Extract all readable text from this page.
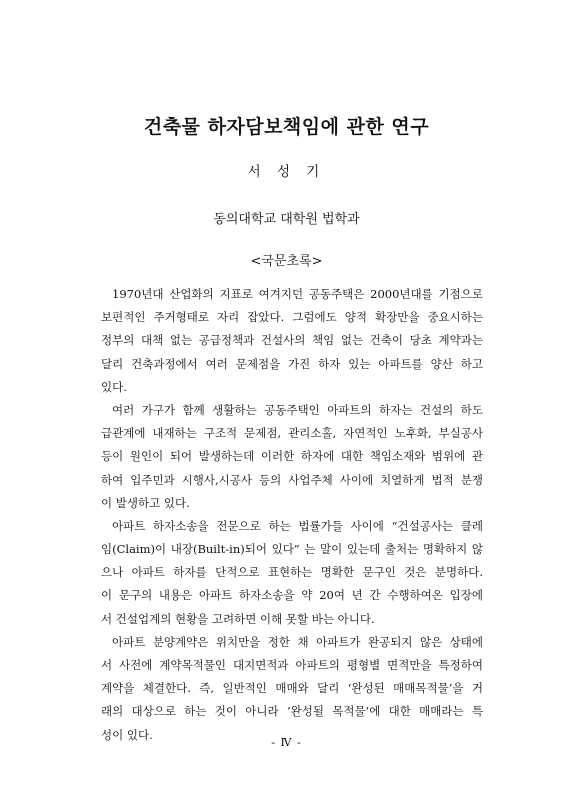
건축물 하자담보책임에 관한 연구
서 성 기
동의대학교 대학원 법학과
<국문초록>
1970년대 산업화의 지표로 여겨지던 공동주택은 2000년대를 기점으로
보편적인 주거형태로 자리 잡았다. 그럼에도 양적 확장만을 중요시하는
정부의 대책 없는 공급정책과 건설사의 책임 없는 건축이 당초 계약과는
달리 건축과정에서 여러 문제점을 가진 하자 있는 아파트를 양산 하고
있다.
여러 가구가 함께 생활하는 공동주택인 아파트의 하자는 건설의 하도
급관계에 내재하는 구조적 문제점, 관리소홀, 자연적인 노후화, 부실공사
등이 원인이 되어 발생하는데 이러한 하자에 대한 책임소재와 범위에 관
하여 입주민과 시행사,시공사 등의 사업주체 사이에 치열하게 법적 분쟁
이 발생하고 있다.
아파트 하자소송을 전문으로 하는 법률가들 사이에 “건설공사는 클레
임(Claim)이 내장(Built-in)되어 있다” 는 말이 있는데 출처는 명확하지 않
으나 아파트 하자를 단적으로 표현하는 명확한 문구인 것은 분명하다.
이 문구의 내용은 아파트 하자소송을 약 20여 년 간 수행하여온 입장에
서 건설업계의 현황을 고려하면 이해 못할 바는 아니다.
아파트 분양계약은 위치만을 정한 채 아파트가 완공되지 않은 상태에
서 사전에 계약목적물인 대지면적과 아파트의 평형별 면적만을 특정하여
계약을 체결한다. 즉, 일반적인 매매와 달리 ‘완성된 매매목적물’을 거
래의 대상으로 하는 것이 아니라 ‘완성될 목적물’에 대한 매매라는 특
성이 있다.
- Ⅳ -
